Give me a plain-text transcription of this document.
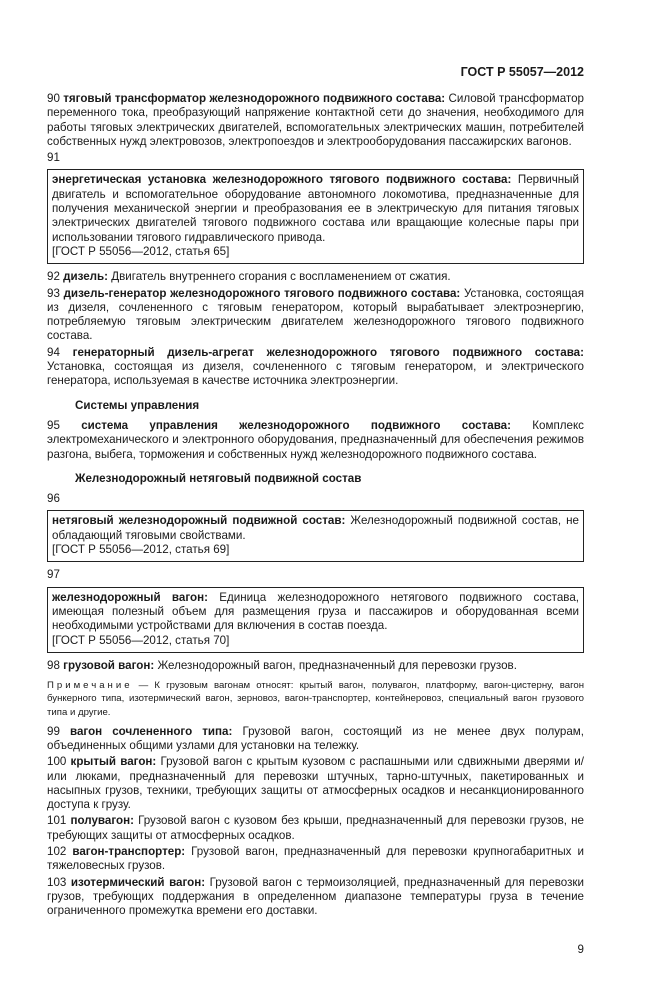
ГОСТ Р 55057—2012
90 тяговый трансформатор железнодорожного подвижного состава: Силовой трансформатор переменного тока, преобразующий напряжение контактной сети до значения, необходимого для работы тяговых электрических двигателей, вспомогательных электрических машин, потребителей собственных нужд электровозов, электропоездов и электрооборудования пассажирских вагонов.
91
энергетическая установка железнодорожного тягового подвижного состава: Первичный двигатель и вспомогательное оборудование автономного локомотива, предназначенные для получения механической энергии и преобразования ее в электрическую для питания тяговых электрических двигателей тягового подвижного состава или вращающие колесные пары при использовании тягового гидравлического привода.
[ГОСТ Р 55056—2012, статья 65]
92 дизель: Двигатель внутреннего сгорания с воспламенением от сжатия.
93 дизель-генератор железнодорожного тягового подвижного состава: Установка, состоящая из дизеля, сочлененного с тяговым генератором, который вырабатывает электроэнергию, потребляемую тяговым электрическим двигателем железнодорожного тягового подвижного состава.
94 генераторный дизель-агрегат железнодорожного тягового подвижного состава: Установка, состоящая из дизеля, сочлененного с тяговым генератором, и электрического генератора, используемая в качестве источника электроэнергии.
Системы управления
95 система управления железнодорожного подвижного состава: Комплекс электромеханического и электронного оборудования, предназначенный для обеспечения режимов разгона, выбега, торможения и собственных нужд железнодорожного подвижного состава.
Железнодорожный нетяговый подвижной состав
96
нетяговый железнодорожный подвижной состав: Железнодорожный подвижной состав, не обладающий тяговыми свойствами.
[ГОСТ Р 55056—2012, статья 69]
97
железнодорожный вагон: Единица железнодорожного нетягового подвижного состава, имеющая полезный объем для размещения груза и пассажиров и оборудованная всеми необходимыми устройствами для включения в состав поезда.
[ГОСТ Р 55056—2012, статья 70]
98 грузовой вагон: Железнодорожный вагон, предназначенный для перевозки грузов.
Примечание — К грузовым вагонам относят: крытый вагон, полувагон, платформу, вагон-цистерну, вагон бункерного типа, изотермический вагон, зерновоз, вагон-транспортер, контейнеровоз, специальный вагон грузового типа и другие.
99 вагон сочлененного типа: Грузовой вагон, состоящий из не менее двух полурам, объединенных общими узлами для установки на тележку.
100 крытый вагон: Грузовой вагон с крытым кузовом с распашными или сдвижными дверями и/или люками, предназначенный для перевозки штучных, тарно-штучных, пакетированных и насыпных грузов, техники, требующих защиты от атмосферных осадков и несанкционированного доступа к грузу.
101 полувагон: Грузовой вагон с кузовом без крыши, предназначенный для перевозки грузов, не требующих защиты от атмосферных осадков.
102 вагон-транспортер: Грузовой вагон, предназначенный для перевозки крупногабаритных и тяжеловесных грузов.
103 изотермический вагон: Грузовой вагон с термоизоляцией, предназначенный для перевозки грузов, требующих поддержания в определенном диапазоне температуры груза в течение ограниченного промежутка времени его доставки.
9
